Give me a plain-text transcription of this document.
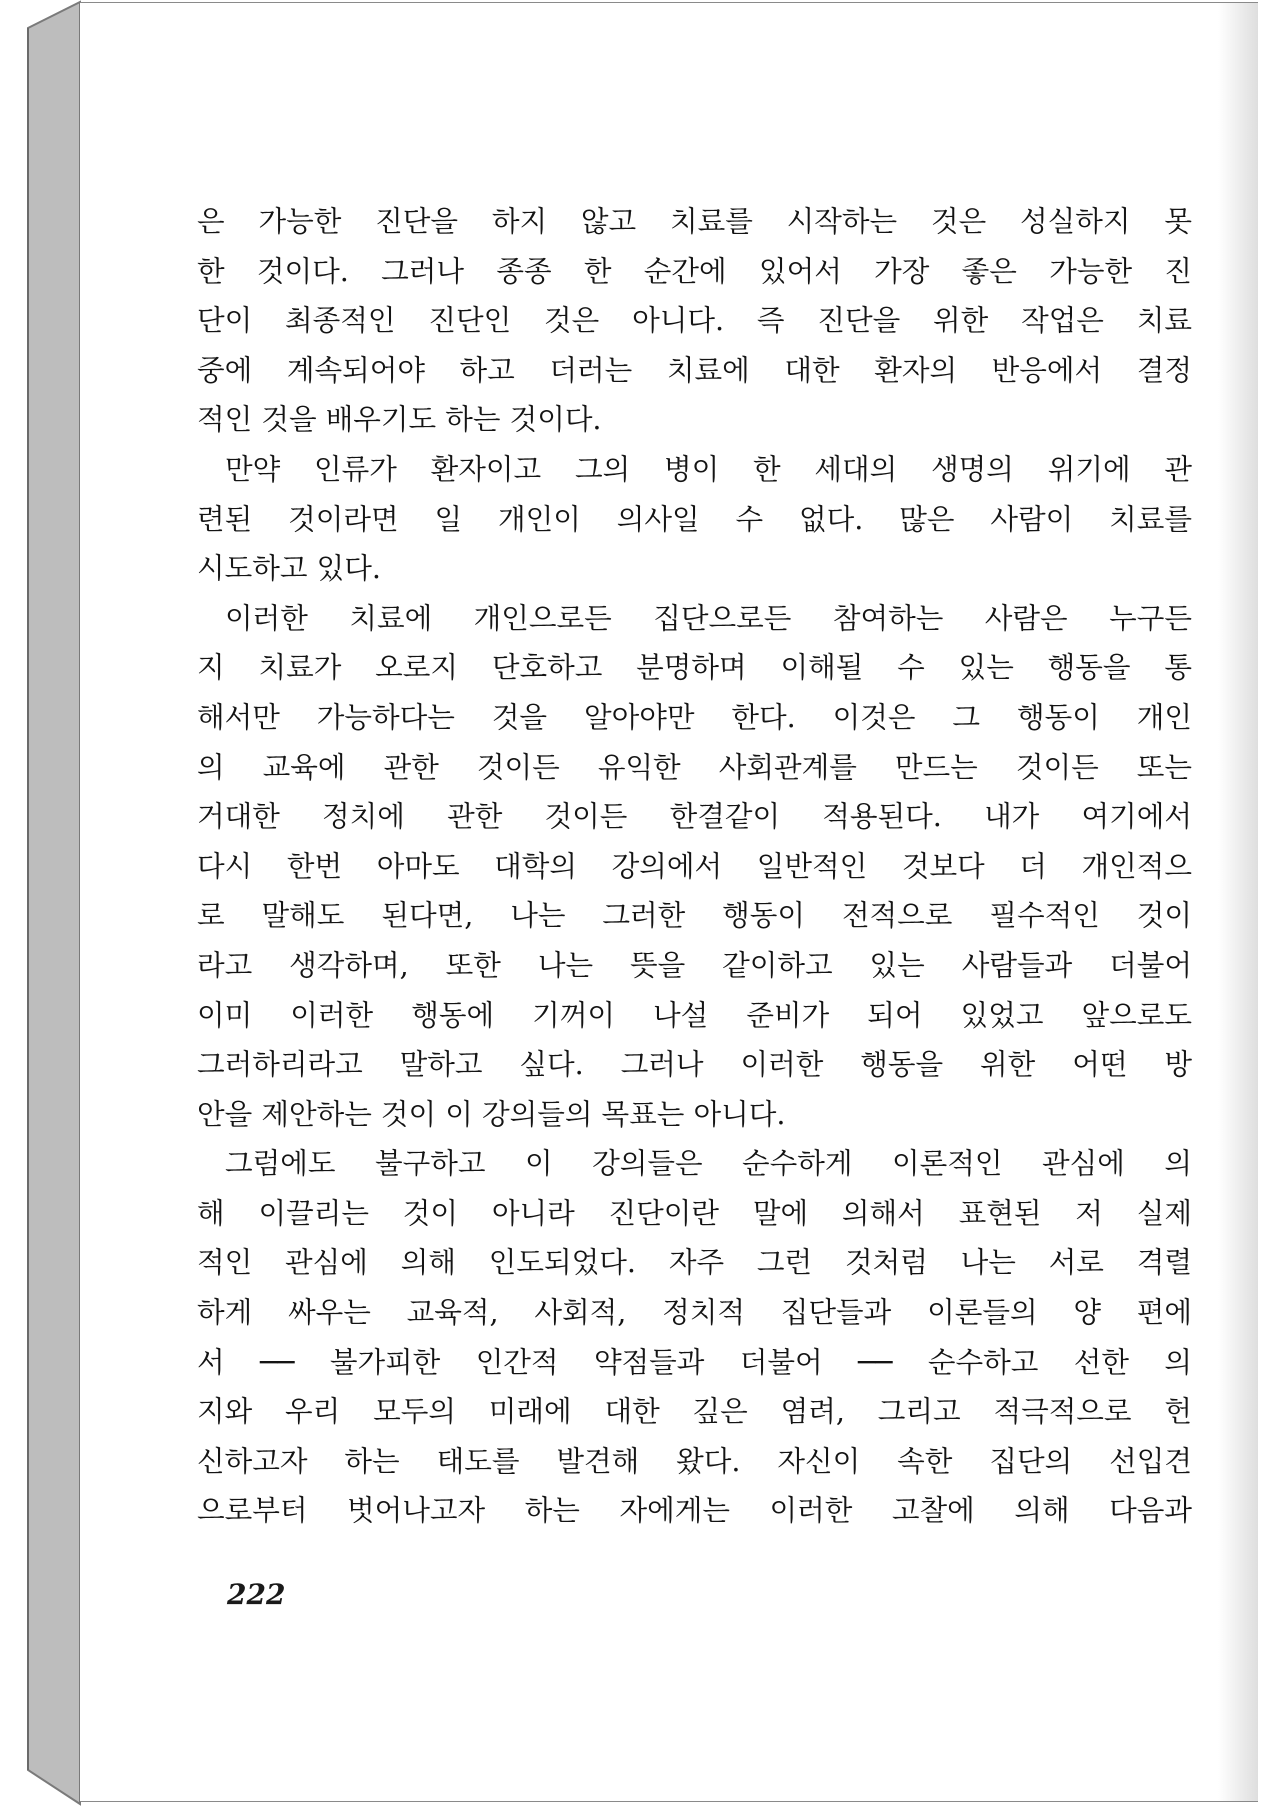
은 가능한 진단을 하지 않고 치료를 시작하는 것은 성실하지 못
한 것이다. 그러나 종종 한 순간에 있어서 가장 좋은 가능한 진
단이 최종적인 진단인 것은 아니다. 즉 진단을 위한 작업은 치료
중에 계속되어야 하고 더러는 치료에 대한 환자의 반응에서 결정
적인 것을 배우기도 하는 것이다.
만약 인류가 환자이고 그의 병이 한 세대의 생명의 위기에 관
련된 것이라면 일 개인이 의사일 수 없다. 많은 사람이 치료를
시도하고 있다.
이러한 치료에 개인으로든 집단으로든 참여하는 사람은 누구든
지 치료가 오로지 단호하고 분명하며 이해될 수 있는 행동을 통
해서만 가능하다는 것을 알아야만 한다. 이것은 그 행동이 개인
의 교육에 관한 것이든 유익한 사회관계를 만드는 것이든 또는
거대한 정치에 관한 것이든 한결같이 적용된다. 내가 여기에서
다시 한번 아마도 대학의 강의에서 일반적인 것보다 더 개인적으
로 말해도 된다면, 나는 그러한 행동이 전적으로 필수적인 것이
라고 생각하며, 또한 나는 뜻을 같이하고 있는 사람들과 더불어
이미 이러한 행동에 기꺼이 나설 준비가 되어 있었고 앞으로도
그러하리라고 말하고 싶다. 그러나 이러한 행동을 위한 어떤 방
안을 제안하는 것이 이 강의들의 목표는 아니다.
그럼에도 불구하고 이 강의들은 순수하게 이론적인 관심에 의
해 이끌리는 것이 아니라 진단이란 말에 의해서 표현된 저 실제
적인 관심에 의해 인도되었다. 자주 그런 것처럼 나는 서로 격렬
하게 싸우는 교육적, 사회적, 정치적 집단들과 이론들의 양 편에
서 ── 불가피한 인간적 약점들과 더불어 ── 순수하고 선한 의
지와 우리 모두의 미래에 대한 깊은 염려, 그리고 적극적으로 헌
신하고자 하는 태도를 발견해 왔다. 자신이 속한 집단의 선입견
으로부터 벗어나고자 하는 자에게는 이러한 고찰에 의해 다음과
222
